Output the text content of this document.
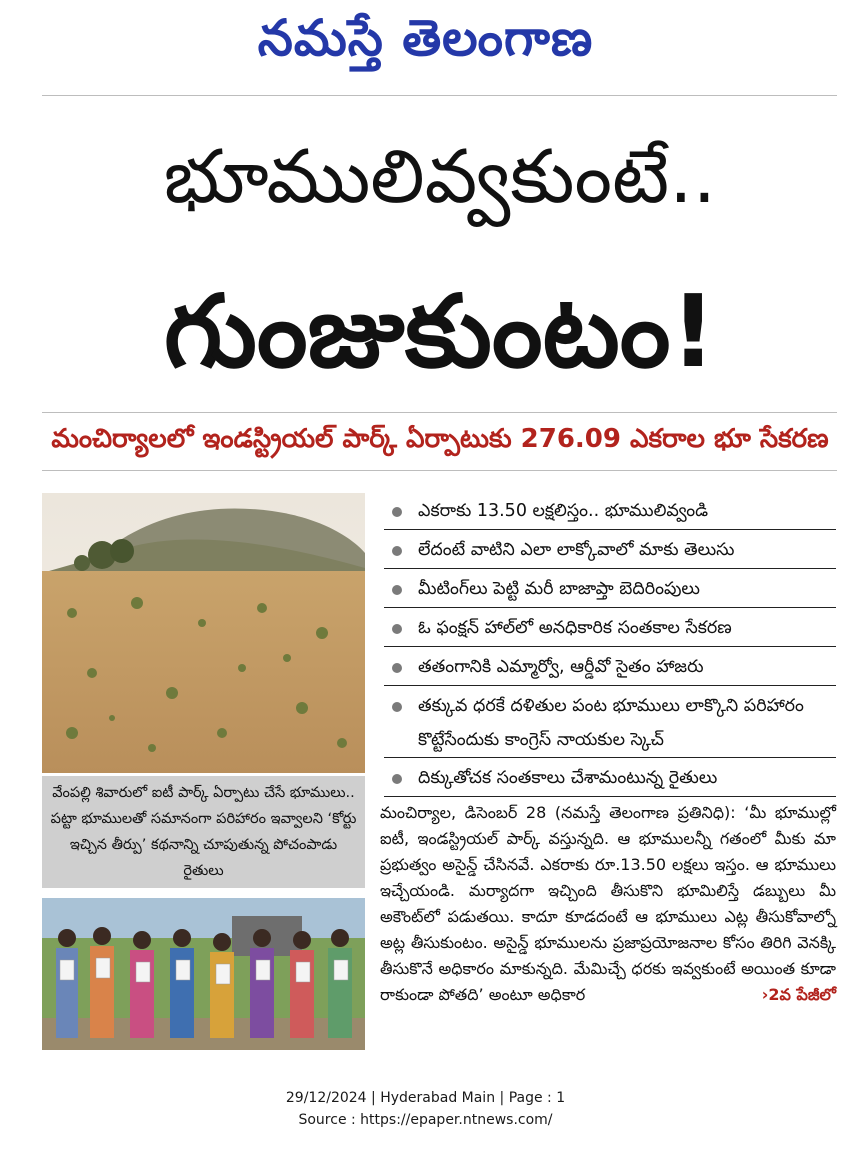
నమస్తే తెలంగాణ
భూములివ్వకుంటే..
గుంజుకుంటం!
మంచిర్యాలలో ఇండస్ట్రియల్ పార్క్ ఏర్పాటుకు 276.09 ఎకరాల భూ సేకరణ
వేంపల్లి శివారులో ఐటీ పార్క్ ఏర్పాటు చేసే భూములు.. పట్టా భూములతో సమానంగా పరిహారం ఇవ్వాలని ‘కోర్టు ఇచ్చిన తీర్పు’ కథనాన్ని చూపుతున్న పోచంపాడు రైతులు
ఎకరాకు 13.50 లక్షలిస్తం.. భూములివ్వండి
లేదంటే వాటిని ఎలా లాక్కోవాలో మాకు తెలుసు
మీటింగ్‌లు పెట్టి మరీ బాజాప్తా బెదిరింపులు
ఓ ఫంక్షన్ హాల్‌లో అనధికారిక సంతకాల సేకరణ
తతంగానికి ఎమ్మార్వో, ఆర్డీవో సైతం హాజరు
తక్కువ ధరకే దళితుల పంట భూములు లాక్కొని పరిహారం కొట్టేసేందుకు కాంగ్రెస్ నాయకుల స్కెచ్
దిక్కుతోచక సంతకాలు చేశామంటున్న రైతులు
మంచిర్యాల, డిసెంబర్ 28 (నమస్తే తెలంగాణ ప్రతినిధి): ‘మీ భూముల్లో ఐటీ, ఇండస్ట్రియల్ పార్క్ వస్తున్నది. ఆ భూములన్నీ గతంలో మీకు మా ప్రభుత్వం అసైన్డ్ చేసినవే. ఎకరాకు రూ.13.50 లక్షలు ఇస్తం. ఆ భూములు ఇచ్చేయండి. మర్యాదగా ఇచ్చింది తీసుకొని భూమిలిస్తే డబ్బులు మీ అకౌంట్‌లో పడుతయి. కాదూ కూడదంటే ఆ భూములు ఎట్ల తీసుకోవాల్నో అట్ల తీసుకుంటం. అసైన్డ్ భూములను ప్రజాప్రయోజనాల కోసం తిరిగి వెనక్కి తీసుకొనే అధికారం మాకున్నది. మేమిచ్చే ధరకు ఇవ్వకుంటే అయింత కూడా రాకుండా పోతది’ అంటూ అధికార	›2వ పేజీలో
29/12/2024 | Hyderabad Main | Page : 1
Source : https://epaper.ntnews.com/
